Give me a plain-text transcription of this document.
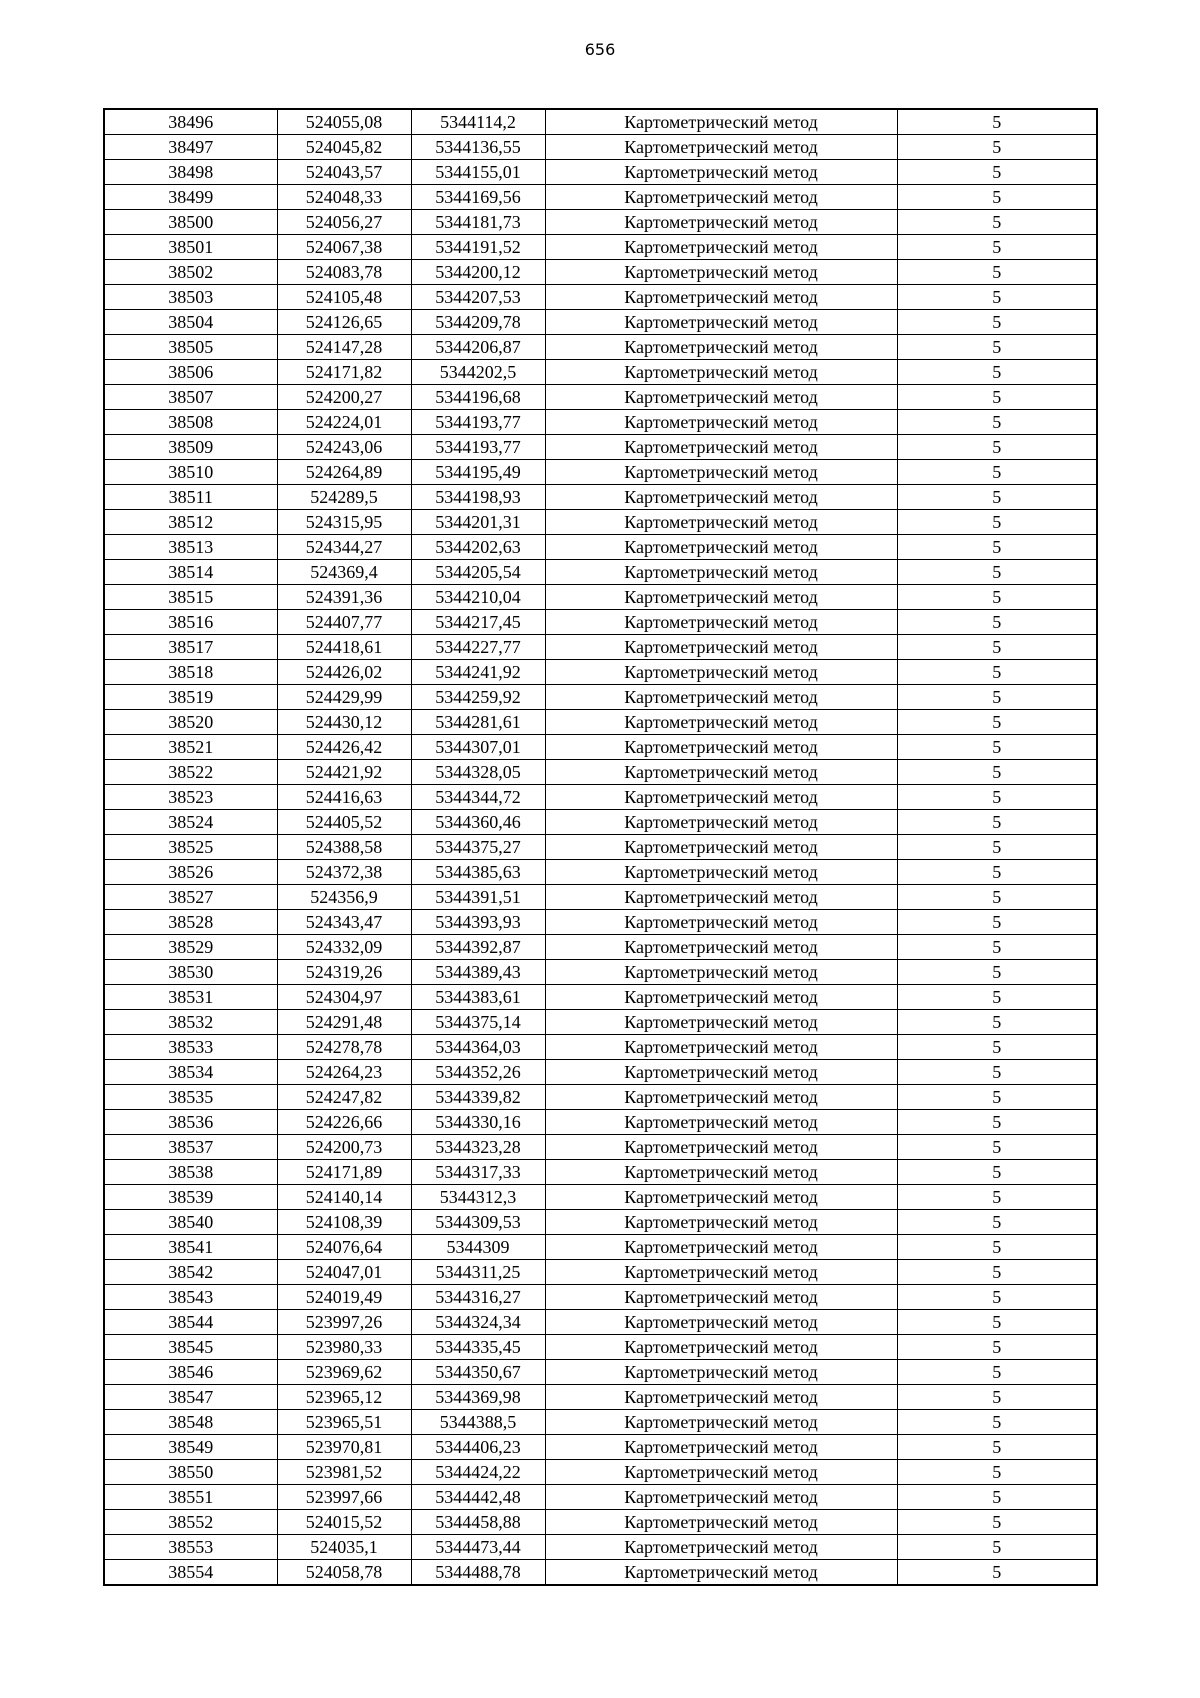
656
38496	524055,08	5344114,2	Картометрический метод	5
38497	524045,82	5344136,55	Картометрический метод	5
38498	524043,57	5344155,01	Картометрический метод	5
38499	524048,33	5344169,56	Картометрический метод	5
38500	524056,27	5344181,73	Картометрический метод	5
38501	524067,38	5344191,52	Картометрический метод	5
38502	524083,78	5344200,12	Картометрический метод	5
38503	524105,48	5344207,53	Картометрический метод	5
38504	524126,65	5344209,78	Картометрический метод	5
38505	524147,28	5344206,87	Картометрический метод	5
38506	524171,82	5344202,5	Картометрический метод	5
38507	524200,27	5344196,68	Картометрический метод	5
38508	524224,01	5344193,77	Картометрический метод	5
38509	524243,06	5344193,77	Картометрический метод	5
38510	524264,89	5344195,49	Картометрический метод	5
38511	524289,5	5344198,93	Картометрический метод	5
38512	524315,95	5344201,31	Картометрический метод	5
38513	524344,27	5344202,63	Картометрический метод	5
38514	524369,4	5344205,54	Картометрический метод	5
38515	524391,36	5344210,04	Картометрический метод	5
38516	524407,77	5344217,45	Картометрический метод	5
38517	524418,61	5344227,77	Картометрический метод	5
38518	524426,02	5344241,92	Картометрический метод	5
38519	524429,99	5344259,92	Картометрический метод	5
38520	524430,12	5344281,61	Картометрический метод	5
38521	524426,42	5344307,01	Картометрический метод	5
38522	524421,92	5344328,05	Картометрический метод	5
38523	524416,63	5344344,72	Картометрический метод	5
38524	524405,52	5344360,46	Картометрический метод	5
38525	524388,58	5344375,27	Картометрический метод	5
38526	524372,38	5344385,63	Картометрический метод	5
38527	524356,9	5344391,51	Картометрический метод	5
38528	524343,47	5344393,93	Картометрический метод	5
38529	524332,09	5344392,87	Картометрический метод	5
38530	524319,26	5344389,43	Картометрический метод	5
38531	524304,97	5344383,61	Картометрический метод	5
38532	524291,48	5344375,14	Картометрический метод	5
38533	524278,78	5344364,03	Картометрический метод	5
38534	524264,23	5344352,26	Картометрический метод	5
38535	524247,82	5344339,82	Картометрический метод	5
38536	524226,66	5344330,16	Картометрический метод	5
38537	524200,73	5344323,28	Картометрический метод	5
38538	524171,89	5344317,33	Картометрический метод	5
38539	524140,14	5344312,3	Картометрический метод	5
38540	524108,39	5344309,53	Картометрический метод	5
38541	524076,64	5344309	Картометрический метод	5
38542	524047,01	5344311,25	Картометрический метод	5
38543	524019,49	5344316,27	Картометрический метод	5
38544	523997,26	5344324,34	Картометрический метод	5
38545	523980,33	5344335,45	Картометрический метод	5
38546	523969,62	5344350,67	Картометрический метод	5
38547	523965,12	5344369,98	Картометрический метод	5
38548	523965,51	5344388,5	Картометрический метод	5
38549	523970,81	5344406,23	Картометрический метод	5
38550	523981,52	5344424,22	Картометрический метод	5
38551	523997,66	5344442,48	Картометрический метод	5
38552	524015,52	5344458,88	Картометрический метод	5
38553	524035,1	5344473,44	Картометрический метод	5
38554	524058,78	5344488,78	Картометрический метод	5
